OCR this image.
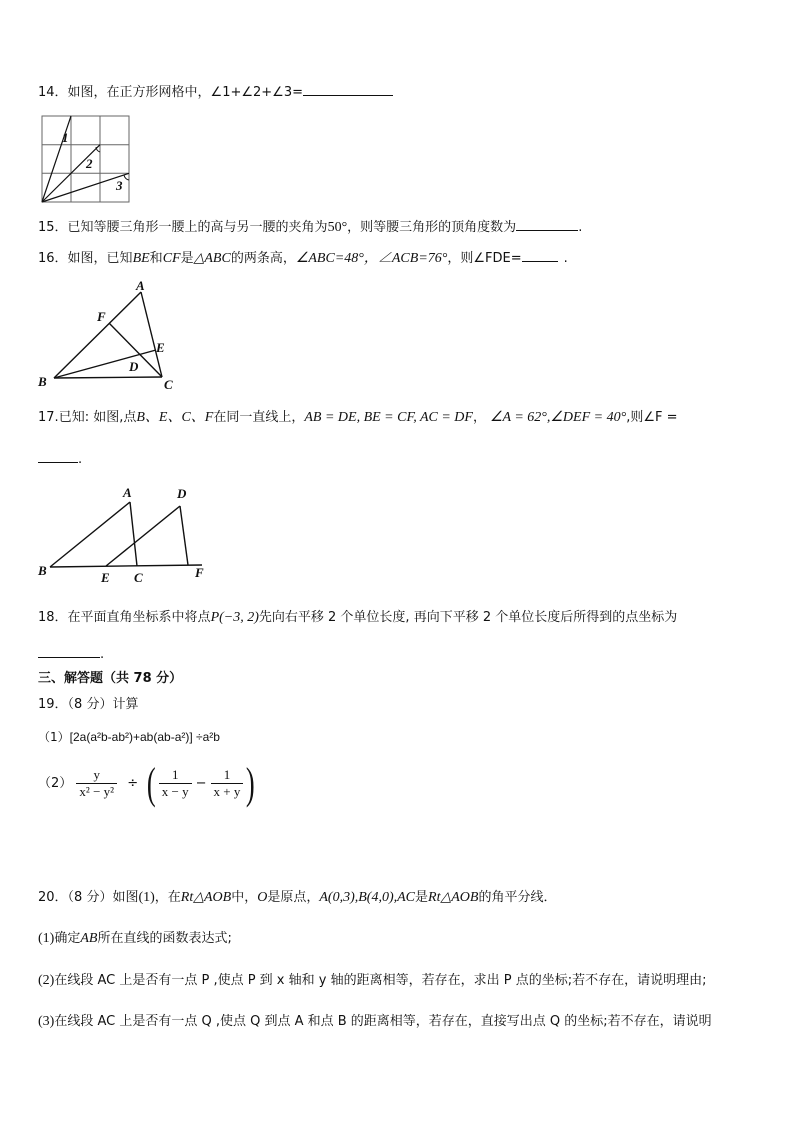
14．如图，在正方形网格中，∠1+∠2+∠3=
1
2
3
15．已知等腰三角形一腰上的高与另一腰的夹角为50°，则等腰三角形的顶角度数为	.
16．如图，已知BE和CF是△ABC的两条高，∠ABC=48°，∠ACB=76°，则∠FDE=	.
A
B	C
D
E
F
17.已知: 如图,点B、E、C、F在同一直线上，AB = DE, BE = CF, AC = DF， ∠A = 62°,∠DEF = 40°,则∠F =
.
A
B	C
D
E	F
18．在平面直角坐标系中将点P(−3, 2)先向右平移 2 个单位长度, 再向下平移 2 个单位长度后所得到的点坐标为
.
三、解答题（共 78 分）
19．（8 分）计算
（1）[2a(a²b-ab²)+ab(ab-a²)] ÷a²b
$(2) \frac{y}{\text{x² − y²}}$ ÷ ( $\frac{1}{x - y} - \frac{1}{x + y}$ )
20．（8 分）如图(1)，在Rt△AOB中，O是原点，A(0,3),B(4,0),AC是Rt△AOB的角平分线．
(1)确定AB所在直线的函数表达式;
(2)在线段 AC 上是否有一点 P ,使点 P 到 x 轴和 y 轴的距离相等，若存在，求出 P 点的坐标;若不存在，请说明理由;
(3)在线段 AC 上是否有一点 Q ,使点 Q 到点 A 和点 B 的距离相等，若存在，直接写出点 Q 的坐标;若不存在，请说明
